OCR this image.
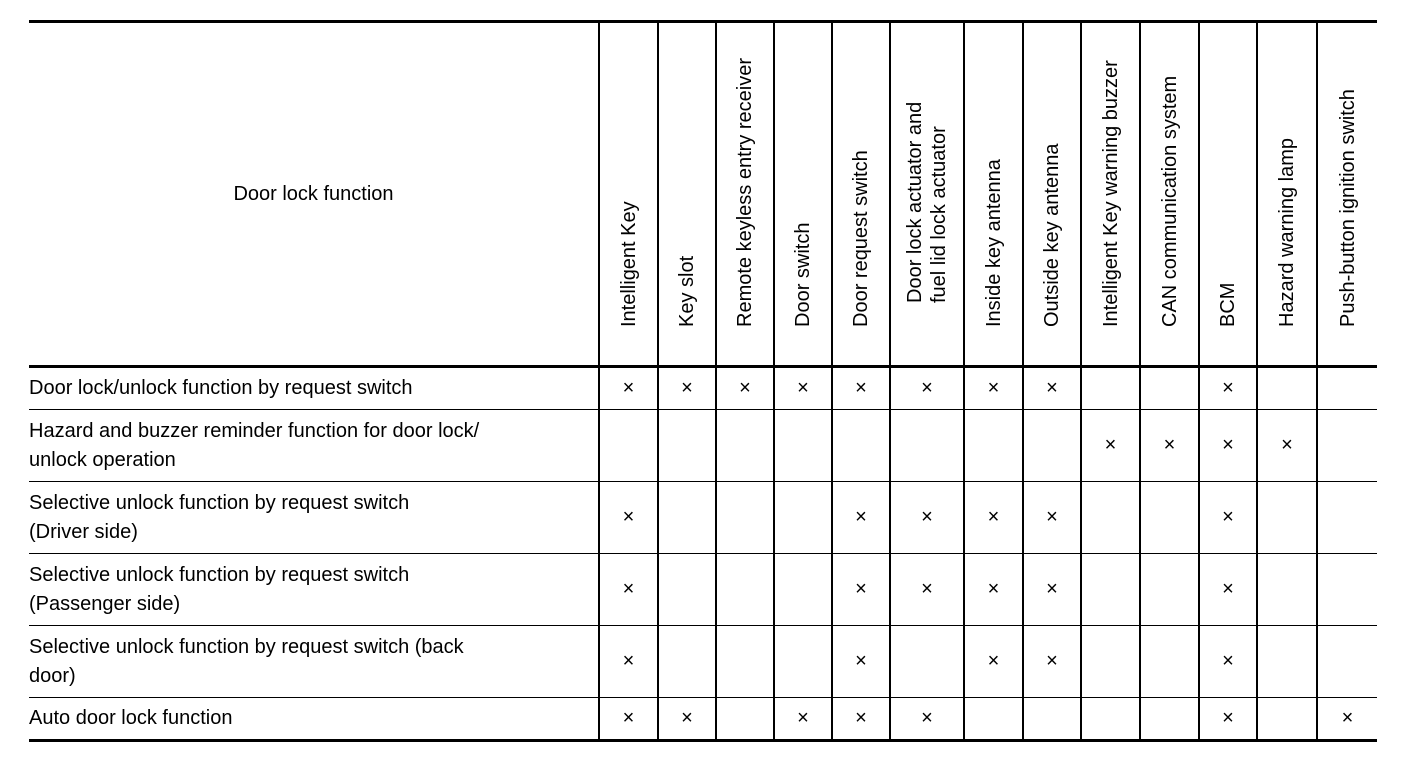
Door lock function	Intelligent Key	Key slot	Remote keyless entry receiver	Door switch	Door request switch	Door lock actuator and
fuel lid lock actuator	Inside key antenna	Outside key antenna	Intelligent Key warning buzzer	CAN communication system	BCM	Hazard warning lamp	Push-button ignition switch

Door lock/unlock function by request switch	×	×	×	×	×	×	×	×			×		
Hazard and buzzer reminder function for door lock/
unlock operation									×	×	×	×	
Selective unlock function by request switch
(Driver side)	×				×	×	×	×			×		
Selective unlock function by request switch
(Passenger side)	×				×	×	×	×			×		
Selective unlock function by request switch (back
door)	×				×		×	×			×		
Auto door lock function	×	×		×	×	×					×		×
